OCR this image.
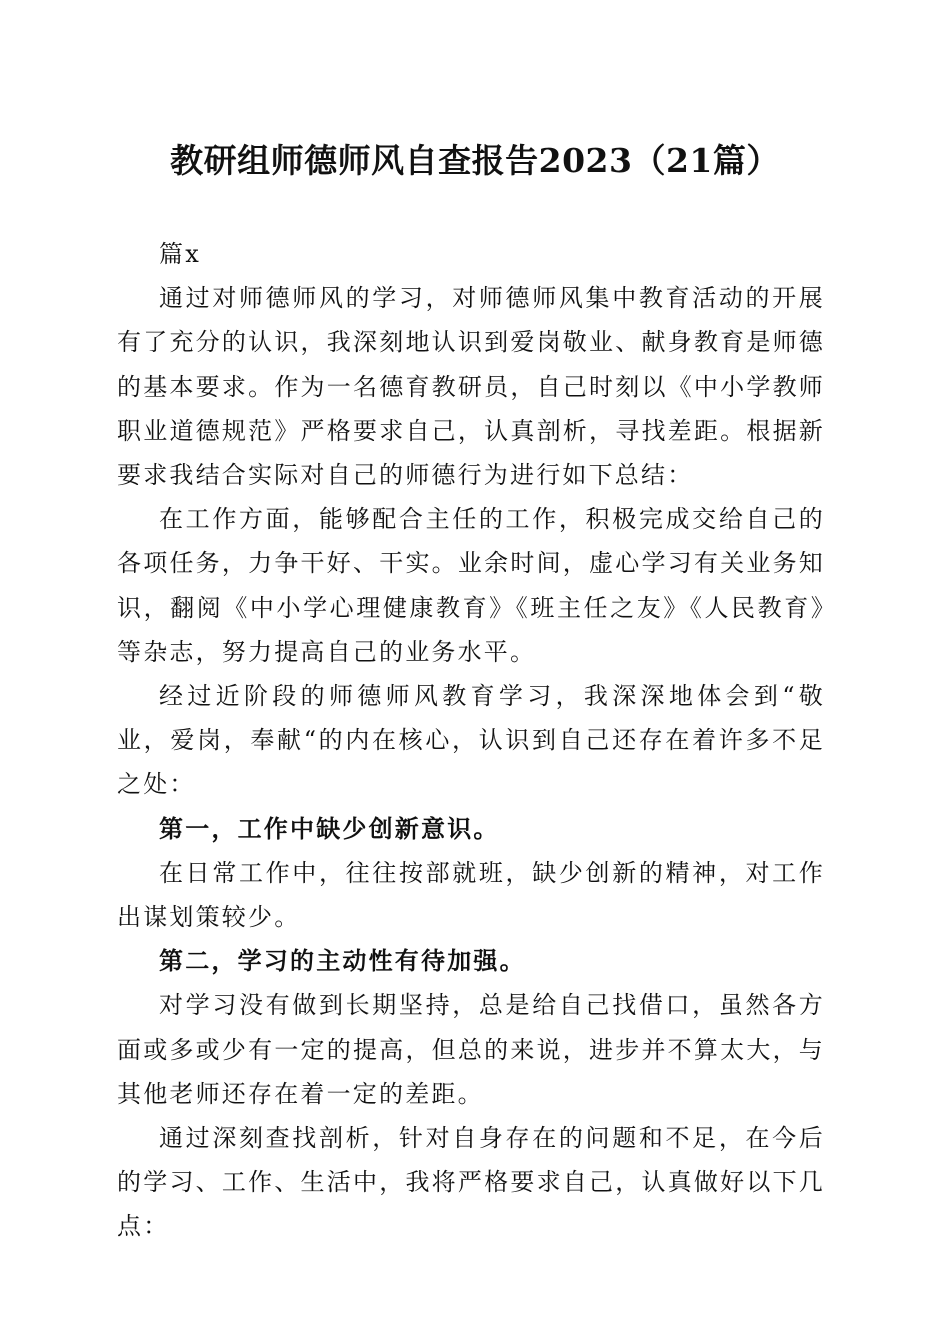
教研组师德师风自查报告2023（21篇）

篇x

通过对师德师风的学习，对师德师风集中教育活动的开展有了充分的认识，我深刻地认识到爱岗敬业、献身教育是师德的基本要求。作为一名德育教研员，自己时刻以《中小学教师职业道德规范》严格要求自己，认真剖析，寻找差距。根据新要求我结合实际对自己的师德行为进行如下总结：

在工作方面，能够配合主任的工作，积极完成交给自己的各项任务，力争干好、干实。业余时间，虚心学习有关业务知识，翻阅《中小学心理健康教育》《班主任之友》《人民教育》等杂志，努力提高自己的业务水平。

经过近阶段的师德师风教育学习，我深深地体会到“敬业，爱岗，奉献“的内在核心，认识到自己还存在着许多不足之处：

第一，工作中缺少创新意识。

在日常工作中，往往按部就班，缺少创新的精神，对工作出谋划策较少。

第二，学习的主动性有待加强。

对学习没有做到长期坚持，总是给自己找借口，虽然各方面或多或少有一定的提高，但总的来说，进步并不算太大，与其他老师还存在着一定的差距。

通过深刻查找剖析，针对自身存在的问题和不足，在今后的学习、工作、生活中，我将严格要求自己，认真做好以下几点：
